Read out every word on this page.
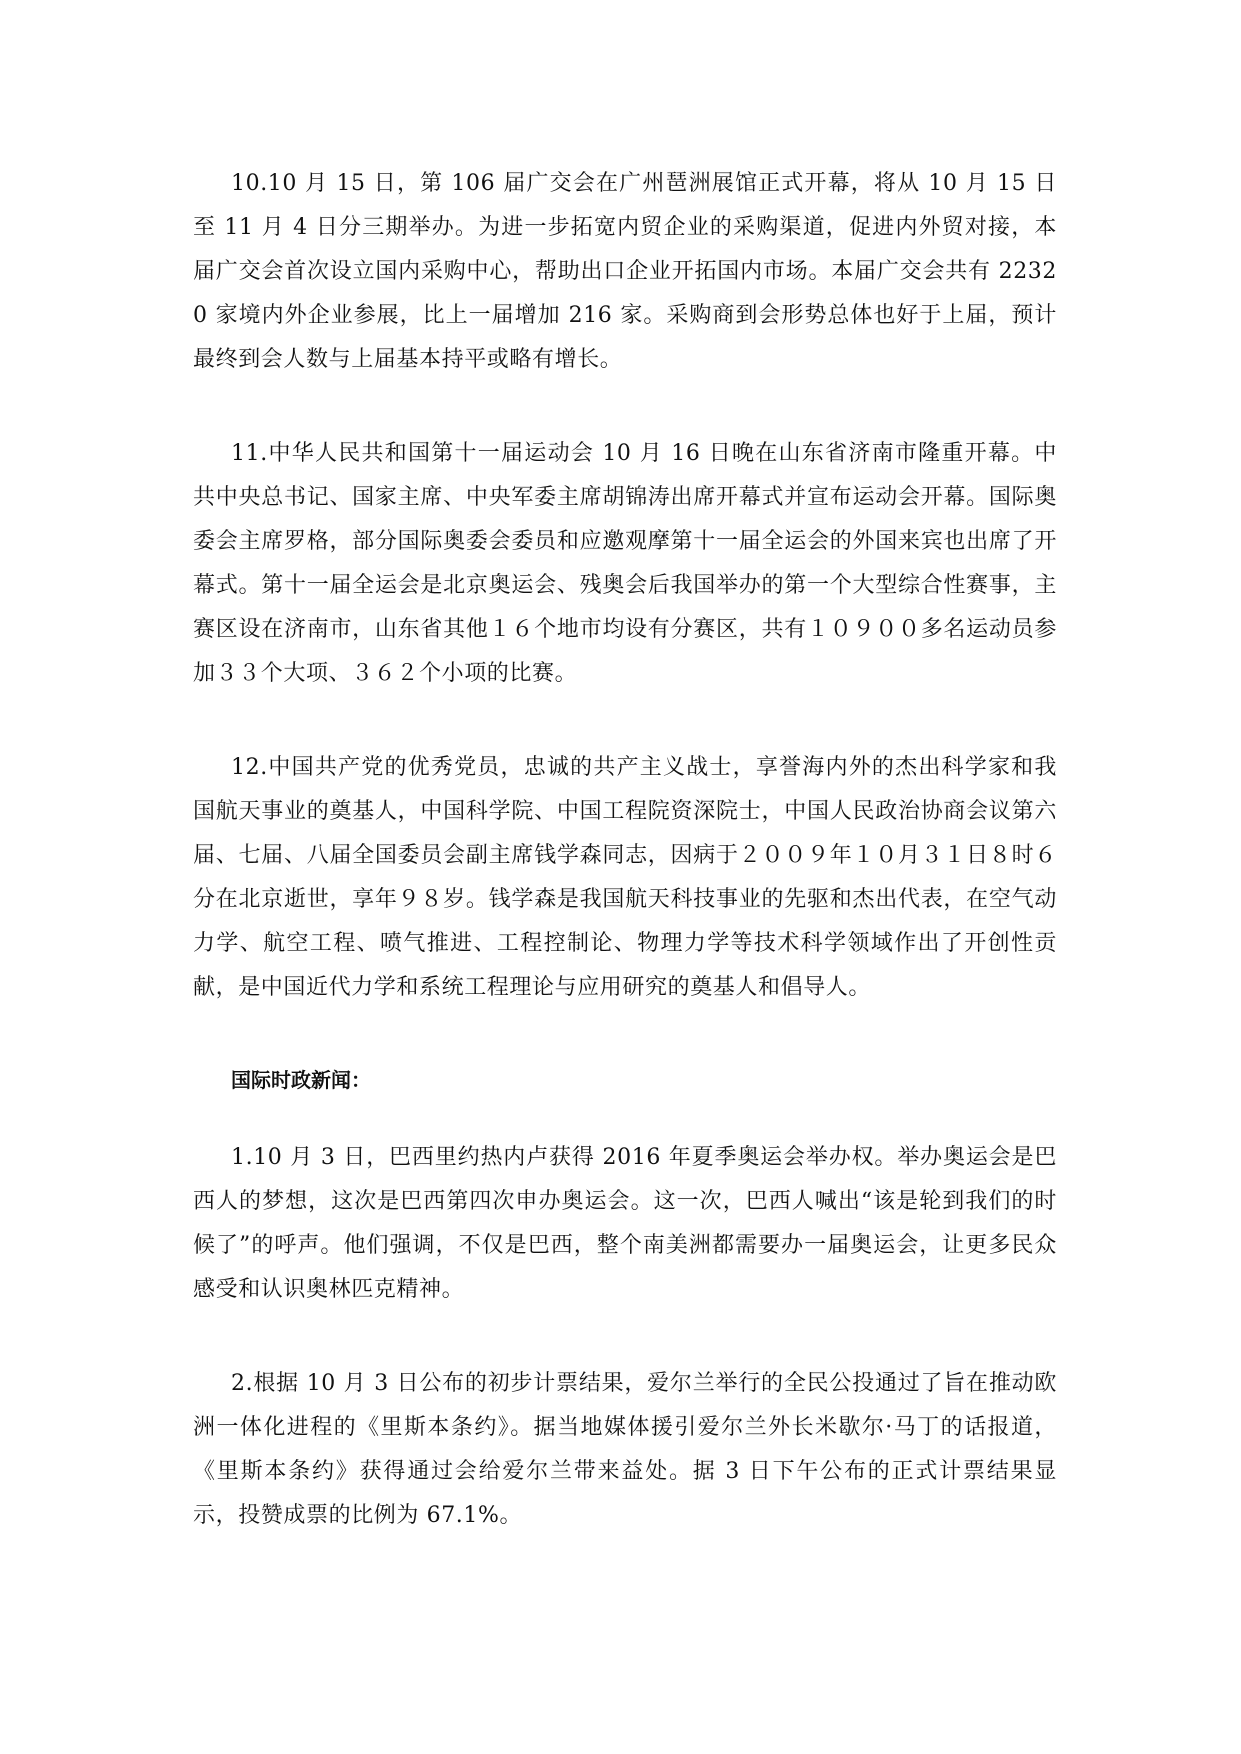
10.10 月 15 日，第 106 届广交会在广州琶洲展馆正式开幕，将从 10 月 15 日至 11 月 4 日分三期举办。为进一步拓宽内贸企业的采购渠道，促进内外贸对接，本届广交会首次设立国内采购中心，帮助出口企业开拓国内市场。本届广交会共有 22320 家境内外企业参展，比上一届增加 216 家。采购商到会形势总体也好于上届，预计最终到会人数与上届基本持平或略有增长。

11.中华人民共和国第十一届运动会 10 月 16 日晚在山东省济南市隆重开幕。中共中央总书记、国家主席、中央军委主席胡锦涛出席开幕式并宣布运动会开幕。国际奥委会主席罗格，部分国际奥委会委员和应邀观摩第十一届全运会的外国来宾也出席了开幕式。第十一届全运会是北京奥运会、残奥会后我国举办的第一个大型综合性赛事，主赛区设在济南市，山东省其他１６个地市均设有分赛区，共有１０９００多名运动员参加３３个大项、３６２个小项的比赛。

12.中国共产党的优秀党员，忠诚的共产主义战士，享誉海内外的杰出科学家和我国航天事业的奠基人，中国科学院、中国工程院资深院士，中国人民政治协商会议第六届、七届、八届全国委员会副主席钱学森同志，因病于２００９年１０月３１日８时６分在北京逝世，享年９８岁。钱学森是我国航天科技事业的先驱和杰出代表，在空气动力学、航空工程、喷气推进、工程控制论、物理力学等技术科学领域作出了开创性贡献，是中国近代力学和系统工程理论与应用研究的奠基人和倡导人。

国际时政新闻：

1.10 月 3 日，巴西里约热内卢获得 2016 年夏季奥运会举办权。举办奥运会是巴西人的梦想，这次是巴西第四次申办奥运会。这一次，巴西人喊出“该是轮到我们的时候了”的呼声。他们强调，不仅是巴西，整个南美洲都需要办一届奥运会，让更多民众感受和认识奥林匹克精神。

2.根据 10 月 3 日公布的初步计票结果，爱尔兰举行的全民公投通过了旨在推动欧洲一体化进程的《里斯本条约》。据当地媒体援引爱尔兰外长米歇尔·马丁的话报道，《里斯本条约》获得通过会给爱尔兰带来益处。据 3 日下午公布的正式计票结果显示，投赞成票的比例为 67.1%。
